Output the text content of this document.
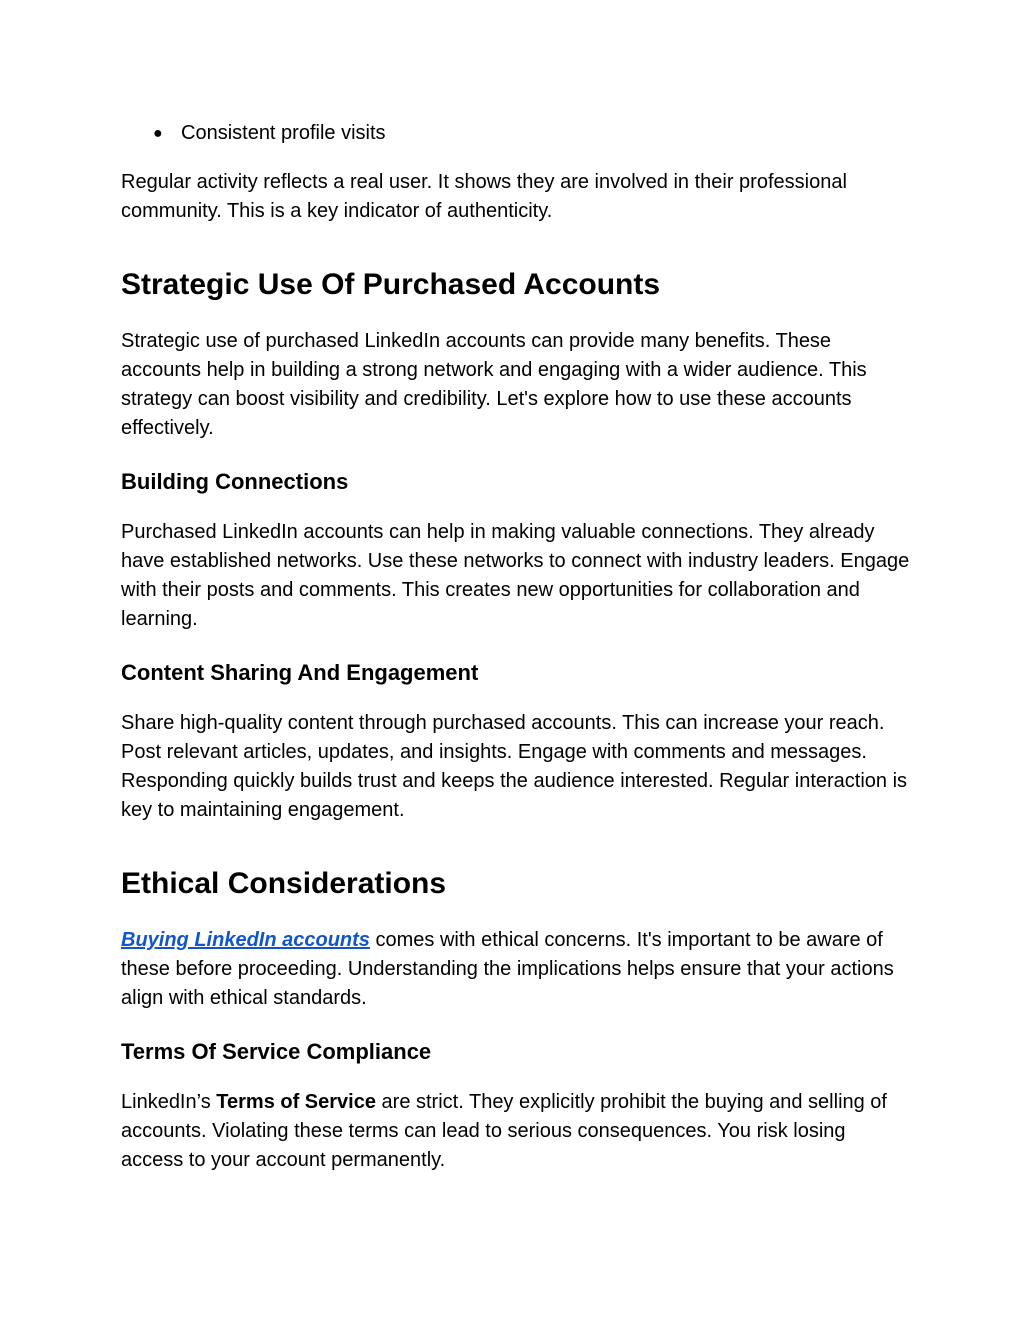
● Consistent profile visits

Regular activity reflects a real user. It shows they are involved in their professional community. This is a key indicator of authenticity.

Strategic Use Of Purchased Accounts

Strategic use of purchased LinkedIn accounts can provide many benefits. These accounts help in building a strong network and engaging with a wider audience. This strategy can boost visibility and credibility. Let's explore how to use these accounts effectively.

Building Connections

Purchased LinkedIn accounts can help in making valuable connections. They already have established networks. Use these networks to connect with industry leaders. Engage with their posts and comments. This creates new opportunities for collaboration and learning.

Content Sharing And Engagement

Share high-quality content through purchased accounts. This can increase your reach. Post relevant articles, updates, and insights. Engage with comments and messages. Responding quickly builds trust and keeps the audience interested. Regular interaction is key to maintaining engagement.

Ethical Considerations

Buying LinkedIn accounts comes with ethical concerns. It's important to be aware of these before proceeding. Understanding the implications helps ensure that your actions align with ethical standards.

Terms Of Service Compliance

LinkedIn’s Terms of Service are strict. They explicitly prohibit the buying and selling of accounts. Violating these terms can lead to serious consequences. You risk losing access to your account permanently.
